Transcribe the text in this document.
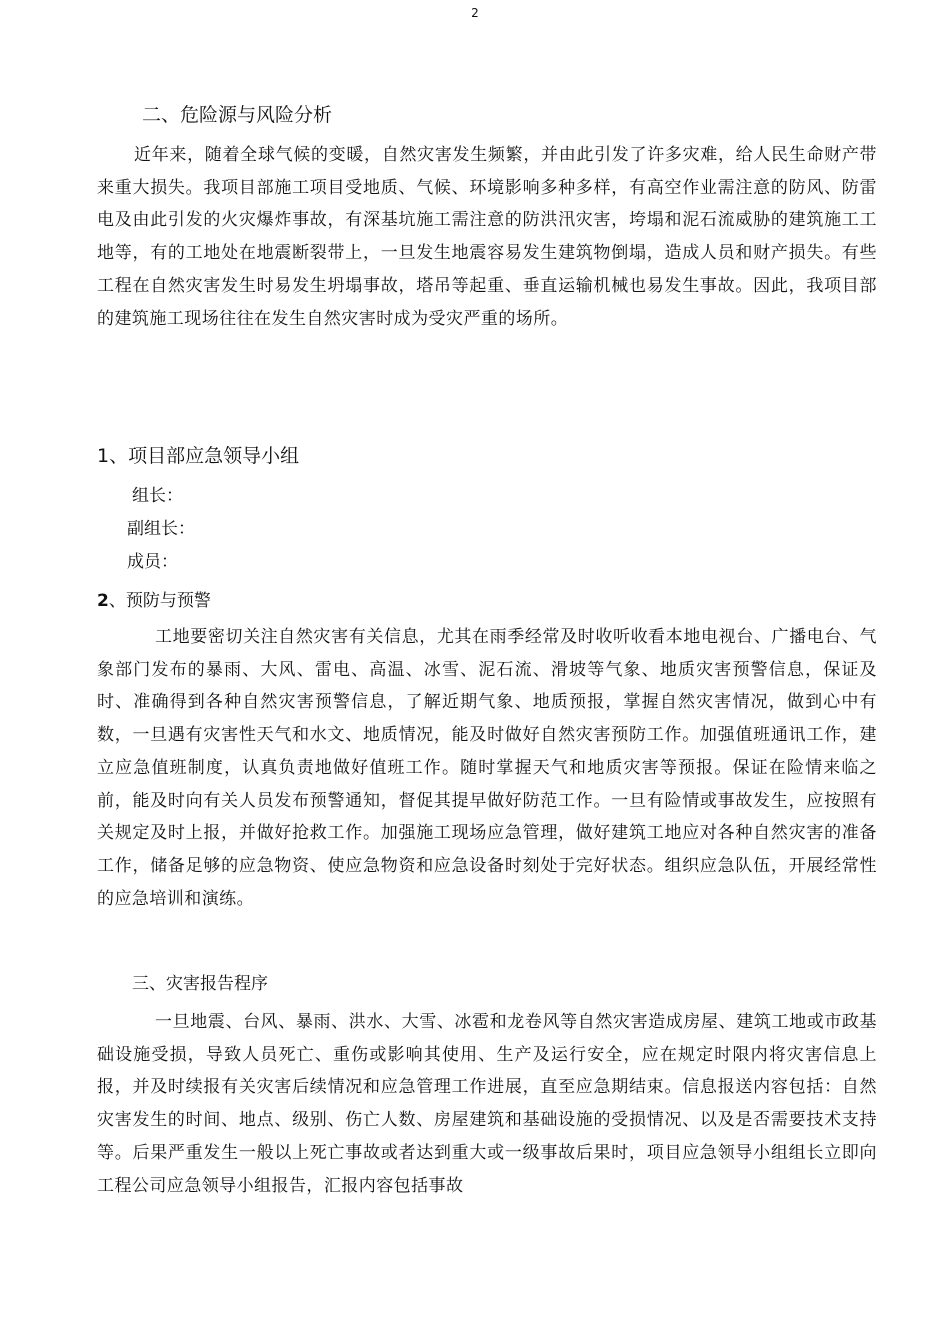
2
二、危险源与风险分析

近年来，随着全球气候的变暖，自然灾害发生频繁，并由此引发了许多灾难，给人民生命财产带来重大损失。我项目部施工项目受地质、气候、环境影响多种多样，有高空作业需注意的防风、防雷电及由此引发的火灾爆炸事故，有深基坑施工需注意的防洪汛灾害，垮塌和泥石流威胁的建筑施工工地等，有的工地处在地震断裂带上，一旦发生地震容易发生建筑物倒塌，造成人员和财产损失。有些工程在自然灾害发生时易发生坍塌事故，塔吊等起重、垂直运输机械也易发生事故。因此，我项目部的建筑施工现场往往在发生自然灾害时成为受灾严重的场所。

1、项目部应急领导小组
组长：
副组长：
成员：
2、预防与预警

工地要密切关注自然灾害有关信息，尤其在雨季经常及时收听收看本地电视台、广播电台、气象部门发布的暴雨、大风、雷电、高温、冰雪、泥石流、滑坡等气象、地质灾害预警信息，保证及时、准确得到各种自然灾害预警信息，了解近期气象、地质预报，掌握自然灾害情况，做到心中有数，一旦遇有灾害性天气和水文、地质情况，能及时做好自然灾害预防工作。加强值班通讯工作，建立应急值班制度，认真负责地做好值班工作。随时掌握天气和地质灾害等预报。保证在险情来临之前，能及时向有关人员发布预警通知，督促其提早做好防范工作。一旦有险情或事故发生，应按照有关规定及时上报，并做好抢救工作。加强施工现场应急管理，做好建筑工地应对各种自然灾害的准备工作，储备足够的应急物资、使应急物资和应急设备时刻处于完好状态。组织应急队伍，开展经常性的应急培训和演练。

三、灾害报告程序

一旦地震、台风、暴雨、洪水、大雪、冰雹和龙卷风等自然灾害造成房屋、建筑工地或市政基础设施受损，导致人员死亡、重伤或影响其使用、生产及运行安全，应在规定时限内将灾害信息上报，并及时续报有关灾害后续情况和应急管理工作进展，直至应急期结束。信息报送内容包括：自然灾害发生的时间、地点、级别、伤亡人数、房屋建筑和基础设施的受损情况、以及是否需要技术支持等。后果严重发生一般以上死亡事故或者达到重大或一级事故后果时，项目应急领导小组组长立即向工程公司应急领导小组报告，汇报内容包括事故
